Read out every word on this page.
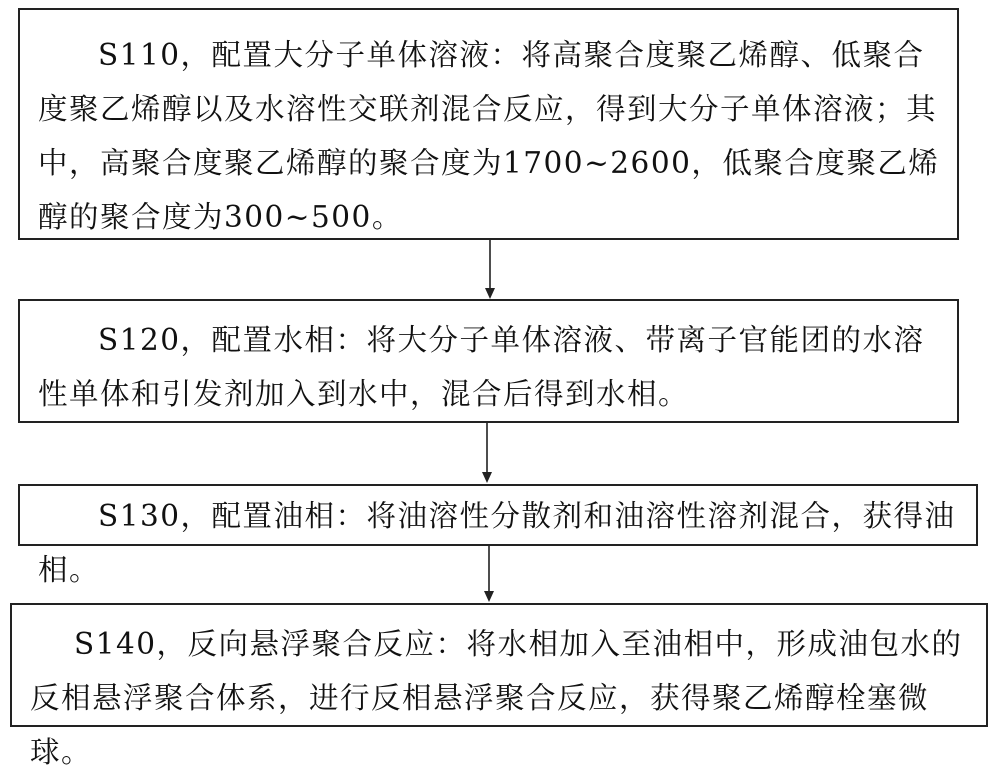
S110，配置大分子单体溶液：将高聚合度聚乙烯醇、低聚合度聚乙烯醇以及水溶性交联剂混合反应，得到大分子单体溶液；其中，高聚合度聚乙烯醇的聚合度为1700~2600，低聚合度聚乙烯醇的聚合度为300~500。
S120，配置水相：将大分子单体溶液、带离子官能团的水溶性单体和引发剂加入到水中，混合后得到水相。
S130，配置油相：将油溶性分散剂和油溶性溶剂混合，获得油相。
S140，反向悬浮聚合反应：将水相加入至油相中，形成油包水的反相悬浮聚合体系，进行反相悬浮聚合反应，获得聚乙烯醇栓塞微球。
